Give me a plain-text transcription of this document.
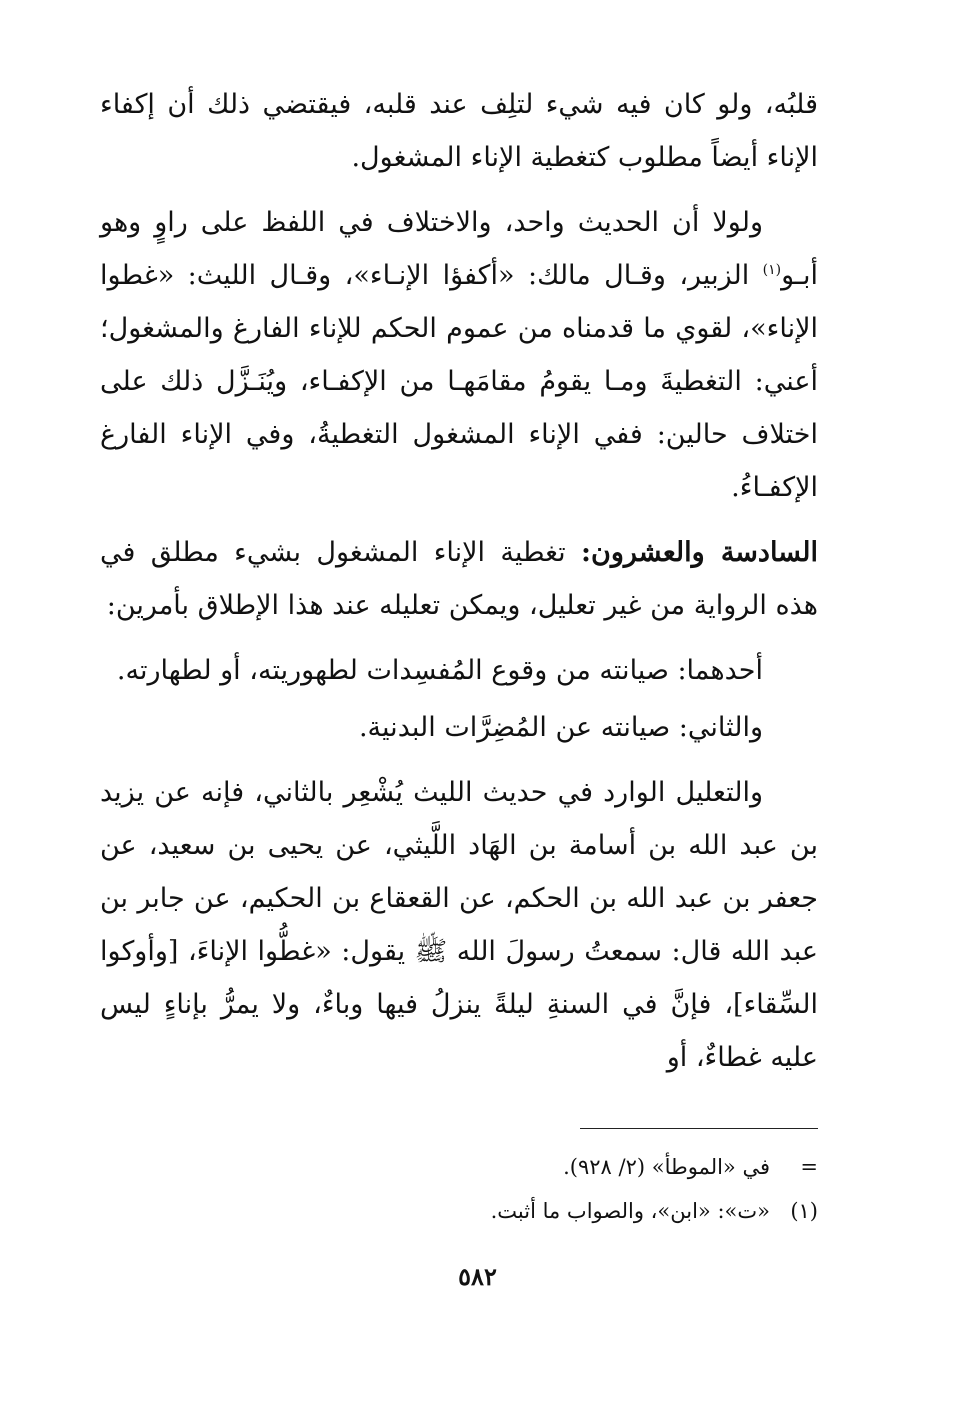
قلبُه، ولو كان فيه شيء لتلِف عند قلبه، فيقتضي ذلك أن إكفاء الإناء أيضاً مطلوب كتغطية الإناء المشغول.

ولولا أن الحديث واحد، والاختلاف في اللفظ على راوٍ وهو أبـو$^{(١)}$ الزبير، وقـال مالك: «أكفؤا الإنـاء»، وقـال الليث: «غطوا الإناء»، لقوي ما قدمناه من عموم الحكم للإناء الفارغ والمشغول؛ أعني: التغطيةَ ومـا يقومُ مقامَهـا من الإكفـاء، ويُنَـزَّل ذلك على اختلاف حالين: ففي الإناء المشغول التغطيةُ، وفي الإناء الفارغ الإكفـاءُ.

السادسة والعشرون: تغطية الإناء المشغول بشيء مطلق في هذه الرواية من غير تعليل، ويمكن تعليله عند هذا الإطلاق بأمرين:

أحدهما: صيانته من وقوع المُفسِدات لطهوريته، أو لطهارته.

والثاني: صيانته عن المُضِرَّات البدنية.

والتعليل الوارد في حديث الليث يُشْعِر بالثاني، فإنه عن يزيد بن عبد الله بن أسامة بن الهَاد اللَّيثي، عن يحيى بن سعيد، عن جعفر بن عبد الله بن الحكم، عن القعقاع بن الحكيم، عن جابر بن عبد الله قال: سمعتُ رسولَ الله ﷺ يقول: «غطُّوا الإناءَ، [وأوكوا السِّقاء]، فإنَّ في السنةِ ليلةً ينزلُ فيها وباءٌ، ولا يمرُّ بإناءٍ ليس عليه غطاءٌ، أو

=
في «الموطأ» (٢/ ٩٢٨).
(١)
«ت»: «ابن»، والصواب ما أثبت.
٥٨٢
